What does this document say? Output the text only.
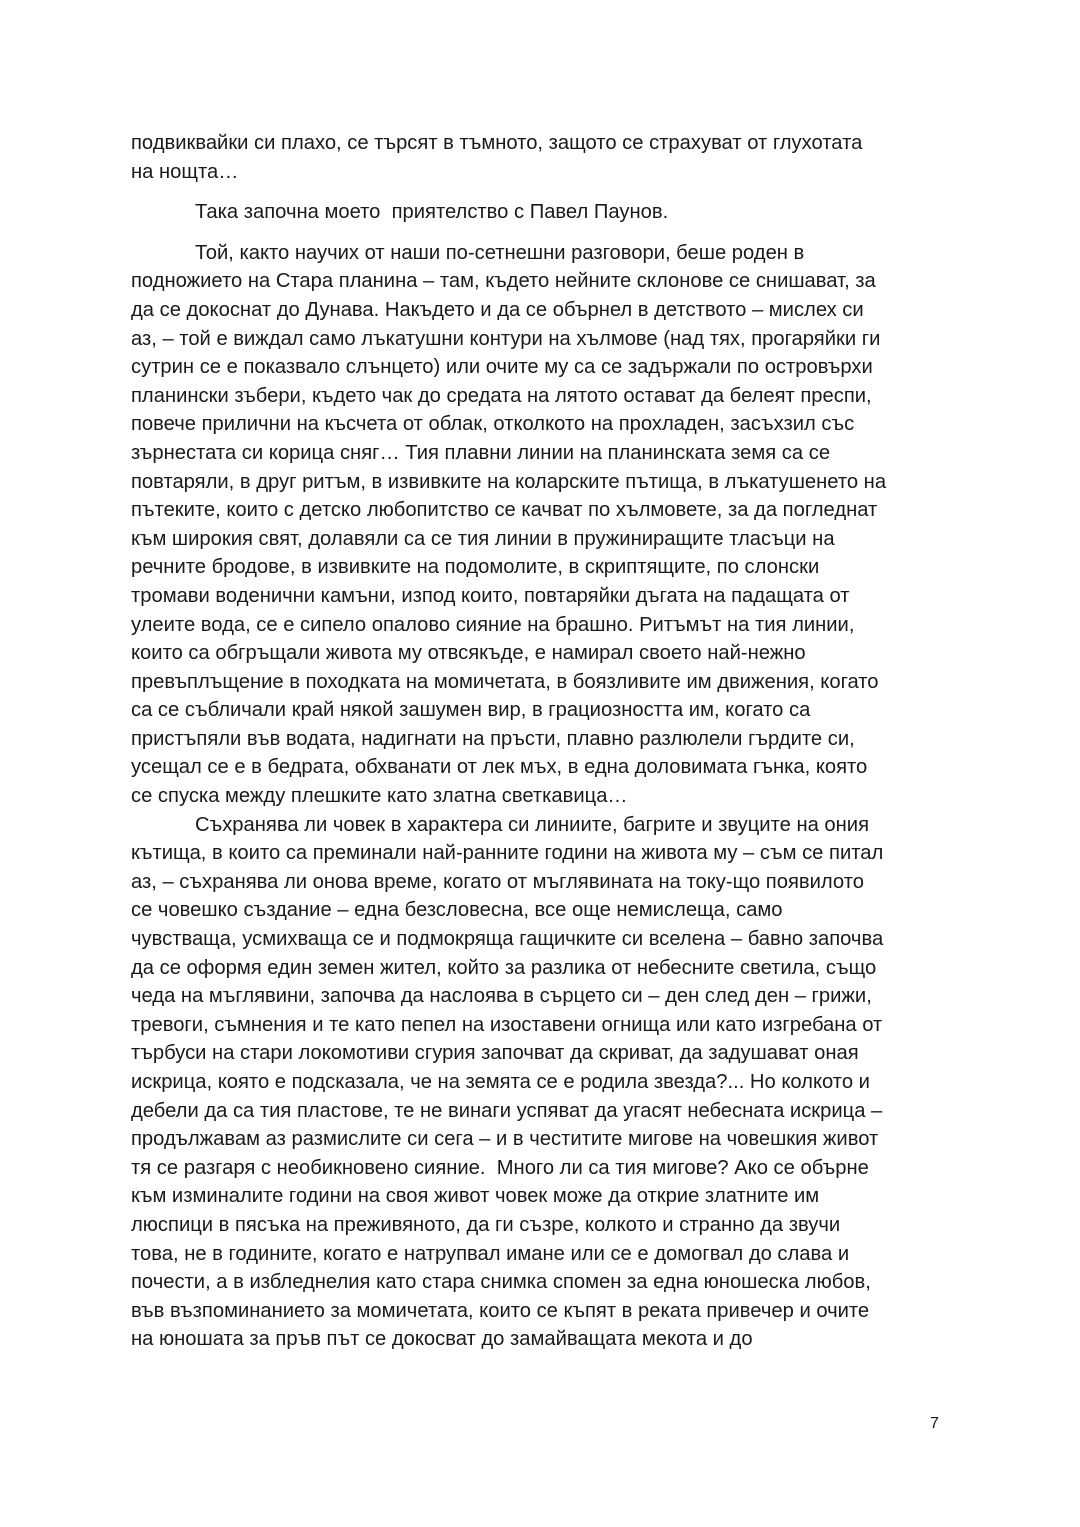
подвиквайки си плахо, се търсят в тъмното, защото се страхуват от глухотата
на нощта…
Така започна моето  приятелство с Павел Паунов.
Той, както научих от наши по-сетнешни разговори, беше роден в
подножието на Стара планина – там, където нейните склонове се снишават, за
да се докоснат до Дунава. Накъдето и да се обърнел в детството – мислех си
аз, – той е виждал само лъкатушни контури на хълмове (над тях, прогаряйки ги
сутрин се е показвало слънцето) или очите му са се задържали по островърхи
планински зъбери, където чак до средата на лятото остават да белеят преспи,
повече прилични на късчета от облак, отколкото на прохладен, засъхзил със
зърнестата си корица сняг… Тия плавни линии на планинската земя са се
повтаряли, в друг ритъм, в извивките на коларските пътища, в лъкатушенето на
пътеките, които с детско любопитство се качват по хълмовете, за да погледнат
към широкия свят, долавяли са се тия линии в пружиниращите тласъци на
речните бродове, в извивките на подомолите, в скриптящите, по слонски
тромави воденични камъни, изпод които, повтаряйки дъгата на падащата от
улеите вода, се е сипело опалово сияние на брашно. Ритъмът на тия линии,
които са обгръщали живота му отвсякъде, е намирал своето най-нежно
превъплъщение в походката на момичетата, в боязливите им движения, когато
са се събличали край някой зашумен вир, в грациозността им, когато са
пристъпяли във водата, надигнати на пръсти, плавно разлюлели гърдите си,
усещал се е в бедрата, обхванати от лек мъх, в една доловимата гънка, която
се спуска между плешките като златна светкавица…
Съхранява ли човек в характера си линиите, багрите и звуците на ония
кътища, в които са преминали най-ранните години на живота му – съм се питал
аз, – съхранява ли онова време, когато от мъглявината на току-що появилото
се човешко създание – една безсловесна, все още немислеща, само
чувстваща, усмихваща се и подмокряща гащичките си вселена – бавно започва
да се оформя един земен жител, който за разлика от небесните светила, също
чеда на мъглявини, започва да наслоява в сърцето си – ден след ден – грижи,
тревоги, съмнения и те като пепел на изоставени огнища или като изгребана от
търбуси на стари локомотиви сгурия започват да скриват, да задушават оная
искрица, която е подсказала, че на земята се е родила звезда?... Но колкото и
дебели да са тия пластове, те не винаги успяват да угасят небесната искрица –
продължавам аз размислите си сега – и в честитите мигове на човешкия живот
тя се разгаря с необикновено сияние.  Много ли са тия мигове? Ако се обърне
към изминалите години на своя живот човек може да открие златните им
люспици в пясъка на преживяното, да ги съзре, колкото и странно да звучи
това, не в годините, когато е натрупвал имане или се е домогвал до слава и
почести, а в избледнелия като стара снимка спомен за една юношеска любов,
във възпоминанието за момичетата, които се къпят в реката привечер и очите
на юношата за пръв път се докосват до замайващата мекота и до
7
